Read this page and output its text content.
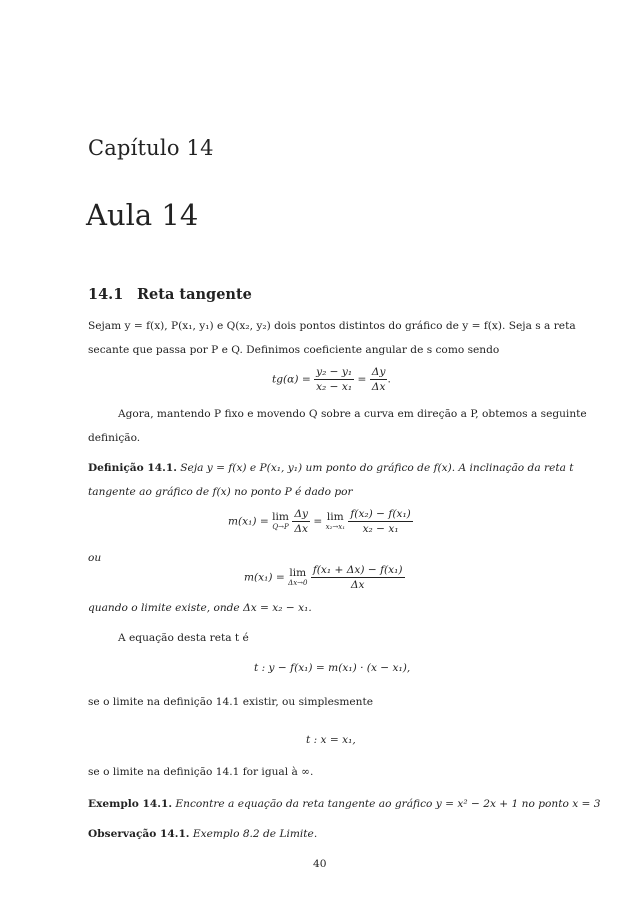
Capítulo 14
Aula 14
14.1 Reta tangente
Sejam y = f(x), P(x₁, y₁) e Q(x₂, y₂) dois pontos distintos do gráfico de y = f(x). Seja s a reta
secante que passa por P e Q. Definimos coeficiente angular de s como sendo
$tg(\alpha) = \frac{\text{y₂ − y₁}}{\text{x₂ − x₁}} = \frac{\Delta y}{\Delta x}$ .
Agora, mantendo P fixo e movendo Q sobre a curva em direção a P, obtemos a seguinte
definição.
Definição 14.1. Seja y = f(x) e P(x₁, y₁) um ponto do gráfico de f(x). A inclinação da reta t
tangente ao gráfico de f(x) no ponto P é dado por
m(x₁) = lim
Q→P
$\frac{\Delta y}{\Delta x} = \lim$
x₂→x₁
$\frac{\text{f(x₂) − f(x₁)}}{\text{x₂ − x₁}}$
ou
m(x₁) = lim
Δx→0
$\frac{\text{f(x₁ + Δx) − f(x₁)}}{\Delta x}$
quando o limite existe, onde Δx = x₂ − x₁.
A equação desta reta t é
t : y − f(x₁) = m(x₁) · (x − x₁),
se o limite na definição 14.1 existir, ou simplesmente
t : x = x₁,
se o limite na definição 14.1 for igual à ∞.
Exemplo 14.1. Encontre a equação da reta tangente ao gráfico y = x² − 2x + 1 no ponto x = 3
Observação 14.1. Exemplo 8.2 de Limite.
40
